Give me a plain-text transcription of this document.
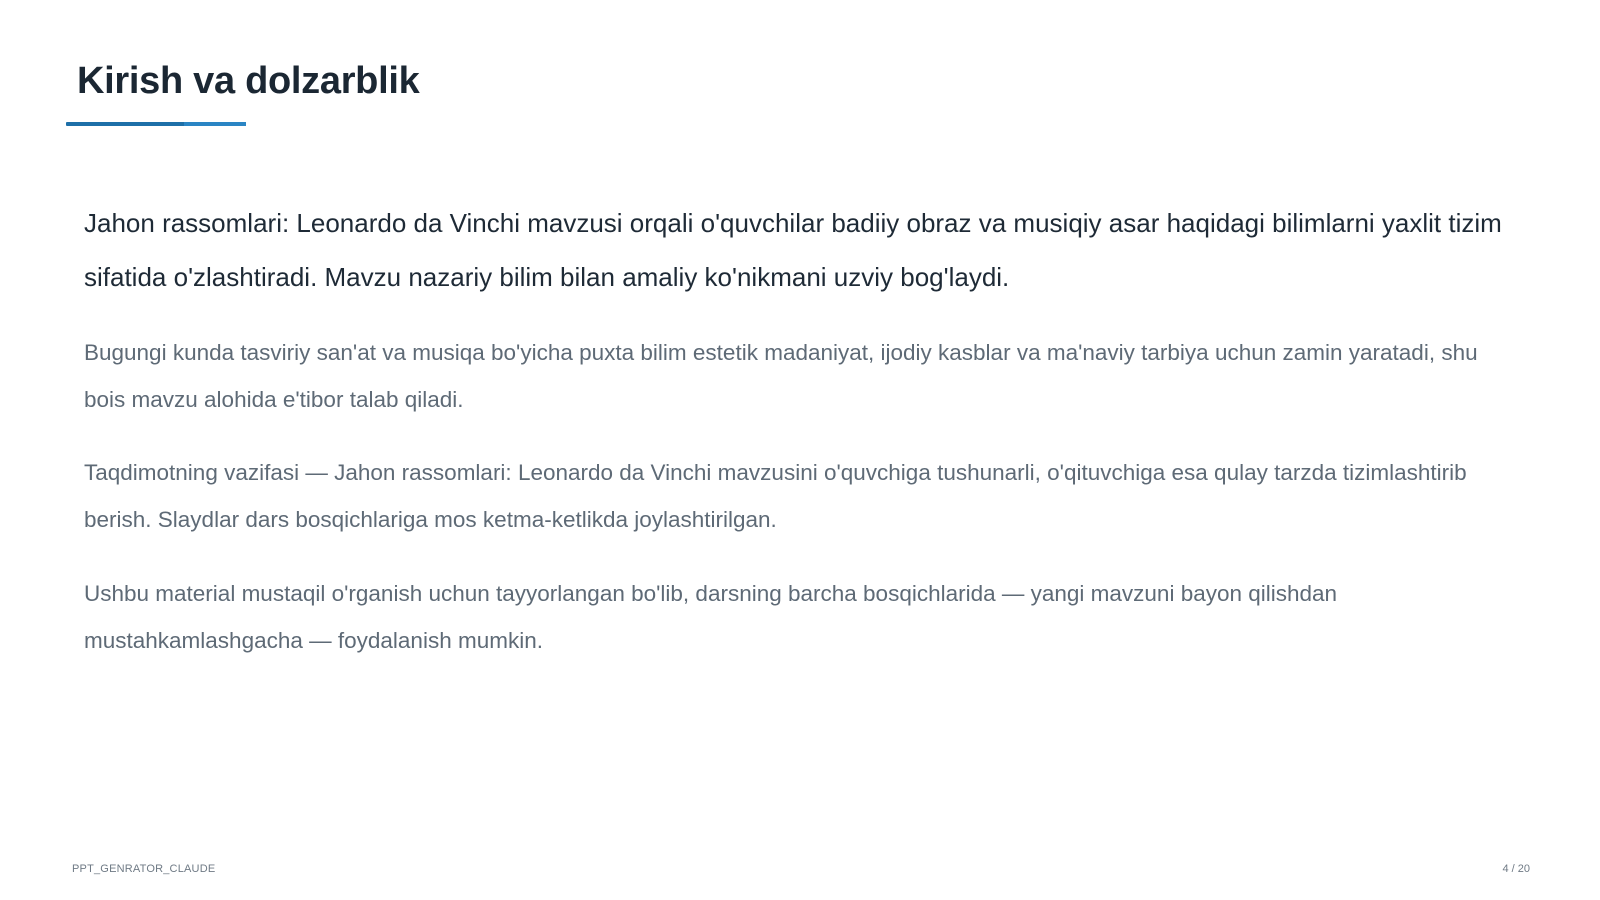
Kirish va dolzarblik

Jahon rassomlari: Leonardo da Vinchi mavzusi orqali o'quvchilar badiiy obraz va musiqiy asar haqidagi bilimlarni yaxlit tizim sifatida o'zlashtiradi. Mavzu nazariy bilim bilan amaliy ko'nikmani uzviy bog'laydi.

Bugungi kunda tasviriy san'at va musiqa bo'yicha puxta bilim estetik madaniyat, ijodiy kasblar va ma'naviy tarbiya uchun zamin yaratadi, shu bois mavzu alohida e'tibor talab qiladi.

Taqdimotning vazifasi — Jahon rassomlari: Leonardo da Vinchi mavzusini o'quvchiga tushunarli, o'qituvchiga esa qulay tarzda tizimlashtirib berish. Slaydlar dars bosqichlariga mos ketma-ketlikda joylashtirilgan.

Ushbu material mustaqil o'rganish uchun tayyorlangan bo'lib, darsning barcha bosqichlarida — yangi mavzuni bayon qilishdan mustahkamlashgacha — foydalanish mumkin.

PPT_GENRATOR_CLAUDE	4 / 20
